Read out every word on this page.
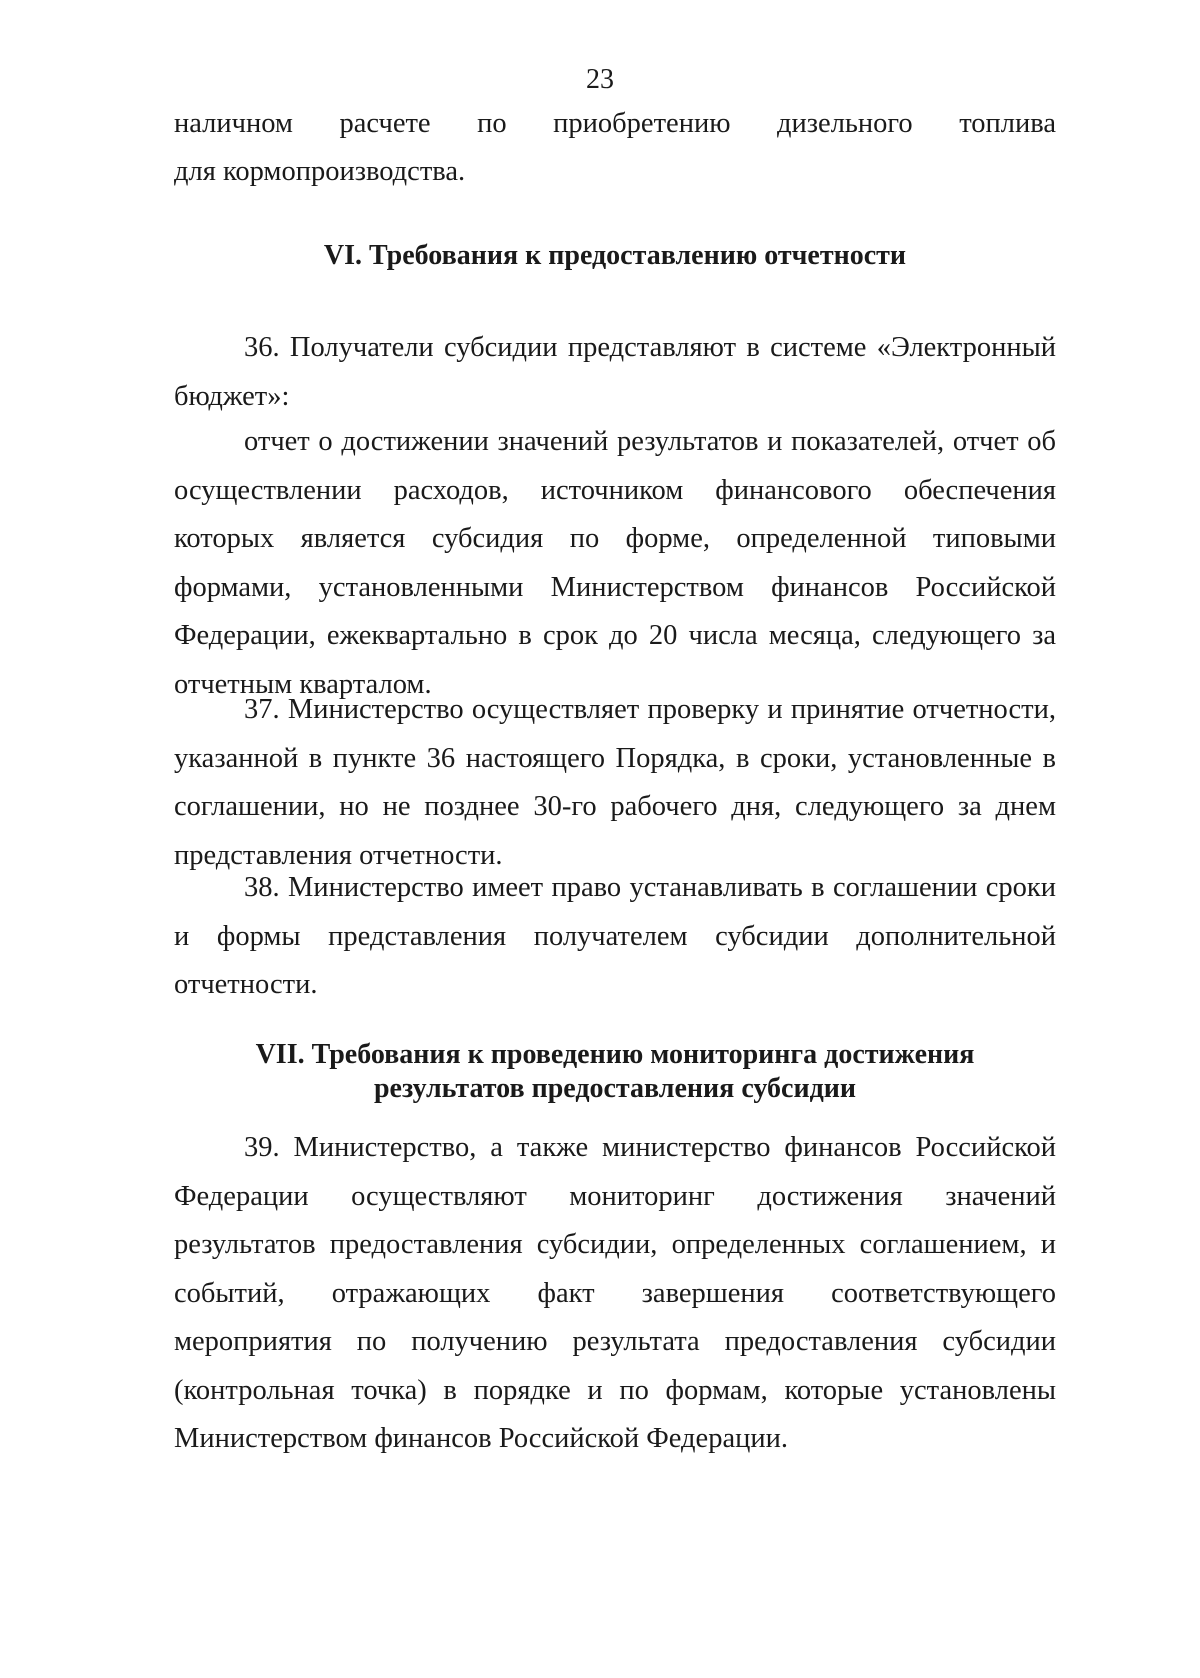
23

наличном расчете по приобретению дизельного топлива

для кормопроизводства.

VI. Требования к предоставлению отчетности

36. Получатели субсидии представляют в системе «Электронный бюджет»:

отчет о достижении значений результатов и показателей, отчет об осуществлении расходов, источником финансового обеспечения которых является субсидия по форме, определенной типовыми формами, установленными Министерством финансов Российской Федерации, ежеквартально в срок до 20 числа месяца, следующего за отчетным кварталом.

37. Министерство осуществляет проверку и принятие отчетности, указанной в пункте 36 настоящего Порядка, в сроки, установленные в соглашении, но не позднее 30-го рабочего дня, следующего за днем представления отчетности.

38. Министерство имеет право устанавливать в соглашении сроки и формы представления получателем субсидии дополнительной отчетности.

VII. Требования к проведению мониторинга достижения
результатов предоставления субсидии

39. Министерство, а также министерство финансов Российской Федерации осуществляют мониторинг достижения значений результатов предоставления субсидии, определенных соглашением, и событий, отражающих факт завершения соответствующего мероприятия по получению результата предоставления субсидии (контрольная точка) в порядке и по формам, которые установлены Министерством финансов Российской Федерации.
